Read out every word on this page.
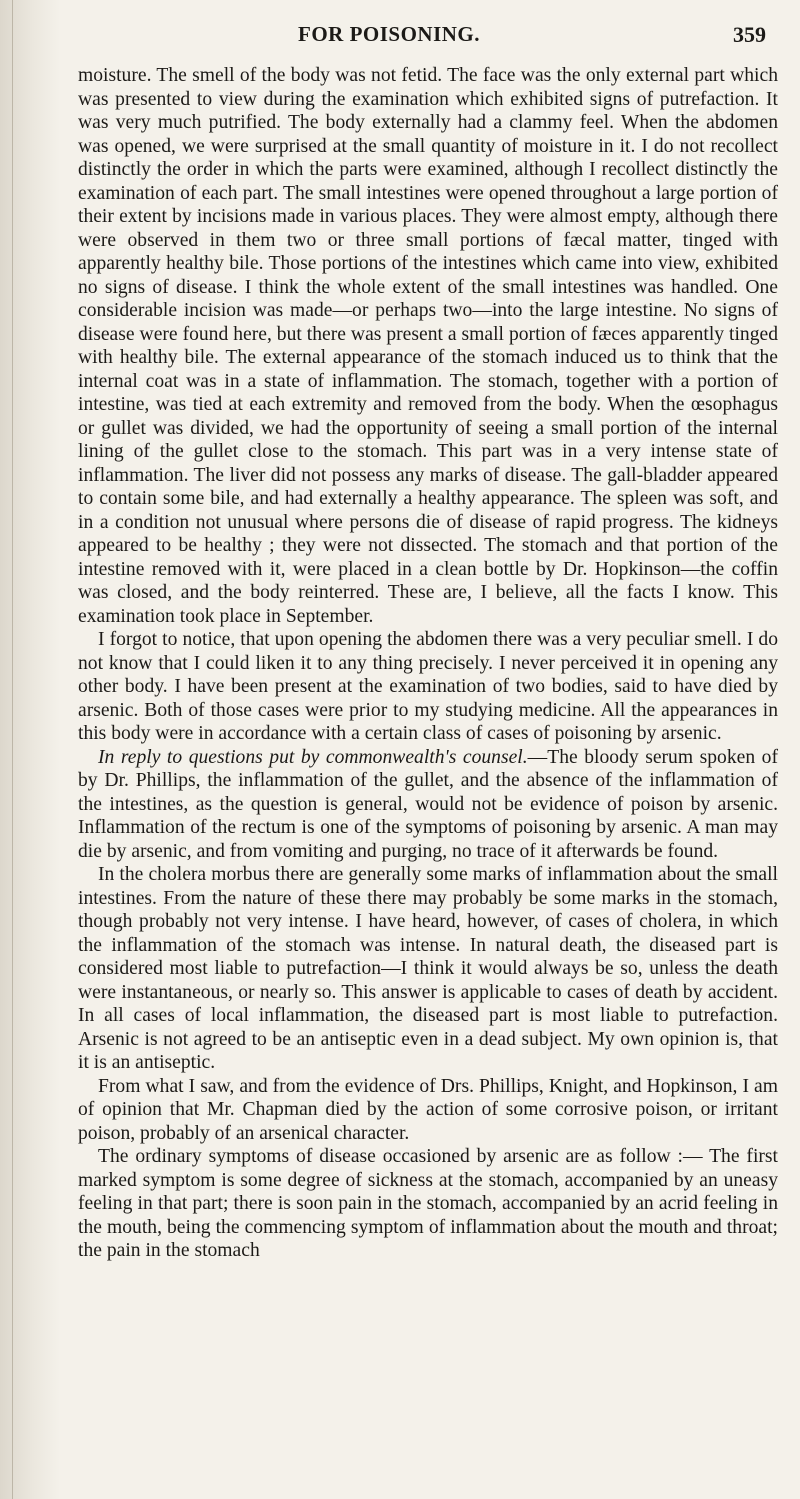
FOR POISONING.	359

moisture. The smell of the body was not fetid. The face was the only external part which was presented to view during the examination which exhibited signs of putrefaction. It was very much putrified. The body externally had a clammy feel. When the abdomen was opened, we were surprised at the small quantity of moisture in it. I do not recollect distinctly the order in which the parts were examined, although I recollect distinctly the examination of each part. The small intestines were opened throughout a large portion of their extent by incisions made in various places. They were almost empty, although there were observed in them two or three small portions of fæcal matter, tinged with apparently healthy bile. Those portions of the intestines which came into view, exhibited no signs of disease. I think the whole extent of the small intestines was handled. One considerable incision was made—or perhaps two—into the large intestine. No signs of disease were found here, but there was present a small portion of fæces apparently tinged with healthy bile. The external appearance of the stomach induced us to think that the internal coat was in a state of inflammation. The stomach, together with a portion of intestine, was tied at each extremity and removed from the body. When the œsophagus or gullet was divided, we had the opportunity of seeing a small portion of the internal lining of the gullet close to the stomach. This part was in a very intense state of inflammation. The liver did not possess any marks of disease. The gall-bladder appeared to contain some bile, and had externally a healthy appearance. The spleen was soft, and in a condition not unusual where persons die of disease of rapid progress. The kidneys appeared to be healthy ; they were not dissected. The stomach and that portion of the intestine removed with it, were placed in a clean bottle by Dr. Hopkinson—the coffin was closed, and the body reinterred. These are, I believe, all the facts I know. This examination took place in September.

I forgot to notice, that upon opening the abdomen there was a very peculiar smell. I do not know that I could liken it to any thing precisely. I never perceived it in opening any other body. I have been present at the examination of two bodies, said to have died by arsenic. Both of those cases were prior to my studying medicine. All the appearances in this body were in accordance with a certain class of cases of poisoning by arsenic.

In reply to questions put by commonwealth's counsel.—The bloody serum spoken of by Dr. Phillips, the inflammation of the gullet, and the absence of the inflammation of the intestines, as the question is general, would not be evidence of poison by arsenic. Inflammation of the rectum is one of the symptoms of poisoning by arsenic. A man may die by arsenic, and from vomiting and purging, no trace of it afterwards be found.

In the cholera morbus there are generally some marks of inflammation about the small intestines. From the nature of these there may probably be some marks in the stomach, though probably not very intense. I have heard, however, of cases of cholera, in which the inflammation of the stomach was intense. In natural death, the diseased part is considered most liable to putrefaction—I think it would always be so, unless the death were instantaneous, or nearly so. This answer is applicable to cases of death by accident. In all cases of local inflammation, the diseased part is most liable to putrefaction. Arsenic is not agreed to be an antiseptic even in a dead subject. My own opinion is, that it is an antiseptic.

From what I saw, and from the evidence of Drs. Phillips, Knight, and Hopkinson, I am of opinion that Mr. Chapman died by the action of some corrosive poison, or irritant poison, probably of an arsenical character.

The ordinary symptoms of disease occasioned by arsenic are as follow :— The first marked symptom is some degree of sickness at the stomach, accompanied by an uneasy feeling in that part; there is soon pain in the stomach, accompanied by an acrid feeling in the mouth, being the commencing symptom of inflammation about the mouth and throat; the pain in the stomach
